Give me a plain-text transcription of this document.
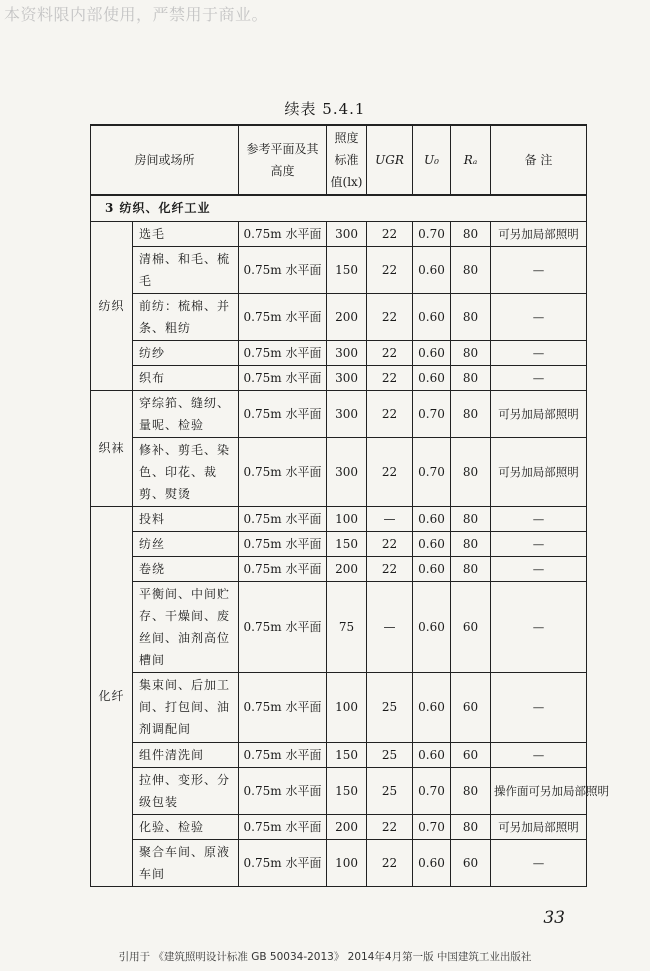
本资料限内部使用，严禁用于商业。
续表 5.4.1
房间或场所		参考平面及其高度	照度标准值(lx)	UGR	U₀	Rₐ	备 注
3 纺织、化纤工业							
纺织	选毛	0.75m 水平面	300	22	0.70	80	可另加局部照明
	清棉、和毛、梳毛	0.75m 水平面	150	22	0.60	80	—
	前纺：梳棉、并条、粗纺	0.75m 水平面	200	22	0.60	80	—
	纺纱	0.75m 水平面	300	22	0.60	80	—
	织布	0.75m 水平面	300	22	0.60	80	—
织袜	穿综筘、缝纫、量呢、检验	0.75m 水平面	300	22	0.70	80	可另加局部照明
	修补、剪毛、染色、印花、裁剪、熨烫	0.75m 水平面	300	22	0.70	80	可另加局部照明
化纤	投料	0.75m 水平面	100	—	0.60	80	—
	纺丝	0.75m 水平面	150	22	0.60	80	—
	卷绕	0.75m 水平面	200	22	0.60	80	—
	平衡间、中间贮存、干燥间、废丝间、油剂高位槽间	0.75m 水平面	75	—	0.60	60	—
	集束间、后加工间、打包间、油剂调配间	0.75m 水平面	100	25	0.60	60	—
	组件清洗间	0.75m 水平面	150	25	0.60	60	—
	拉伸、变形、分级包装	0.75m 水平面	150	25	0.70	80	操作面可另加局部照明
	化验、检验	0.75m 水平面	200	22	0.70	80	可另加局部照明
	聚合车间、原液车间	0.75m 水平面	100	22	0.60	60	—
33
引用于 《建筑照明设计标准 GB 50034-2013》 2014年4月第一版 中国建筑工业出版社
